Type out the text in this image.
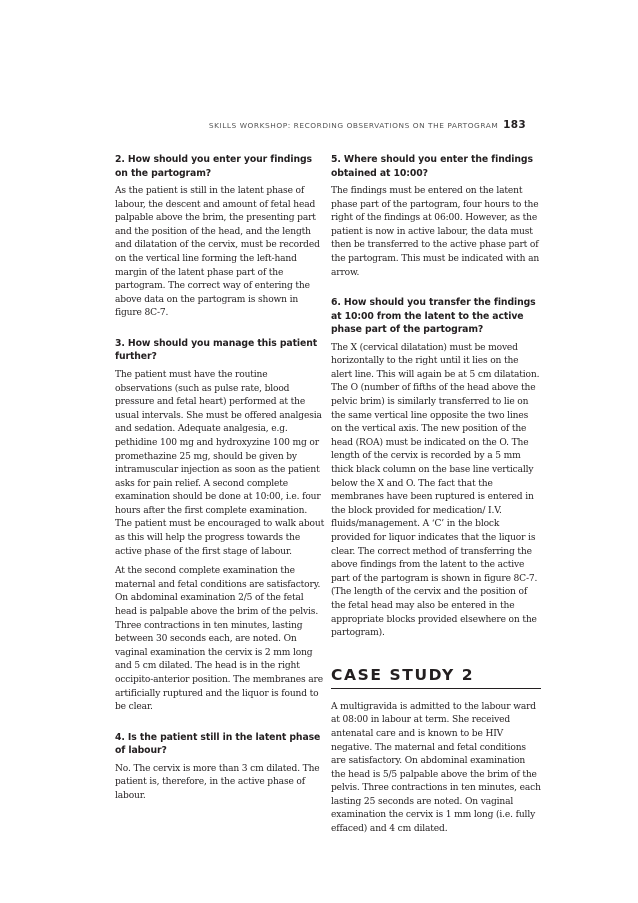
SKILLS WORKSHOP: RECORDING OBSERVATIONS ON THE PARTOGRAM 183
2. How should you enter your findings on the partogram?

As the patient is still in the latent phase of labour, the descent and amount of fetal head palpable above the brim, the presenting part and the position of the head, and the length and dilatation of the cervix, must be recorded on the vertical line forming the left-hand margin of the latent phase part of the partogram. The correct way of entering the above data on the partogram is shown in figure 8C-7.

3. How should you manage this patient further?

The patient must have the routine observations (such as pulse rate, blood pressure and fetal heart) performed at the usual intervals. She must be offered analgesia and sedation. Adequate analgesia, e.g. pethidine 100 mg and hydroxyzine 100 mg or promethazine 25 mg, should be given by intramuscular injection as soon as the patient asks for pain relief. A second complete examination should be done at 10:00, i.e. four hours after the first complete examination. The patient must be encouraged to walk about as this will help the progress towards the active phase of the first stage of labour.

At the second complete examination the maternal and fetal conditions are satisfactory. On abdominal examination 2/5 of the fetal head is palpable above the brim of the pelvis. Three contractions in ten minutes, lasting between 30 seconds each, are noted. On vaginal examination the cervix is 2 mm long and 5 cm dilated. The head is in the right occipito-anterior position. The membranes are artificially ruptured and the liquor is found to be clear.

4. Is the patient still in the latent phase of labour?

No. The cervix is more than 3 cm dilated. The patient is, therefore, in the active phase of labour.

5. Where should you enter the findings obtained at 10:00?

The findings must be entered on the latent phase part of the partogram, four hours to the right of the findings at 06:00. However, as the patient is now in active labour, the data must then be transferred to the active phase part of the partogram. This must be indicated with an arrow.

6. How should you transfer the findings at 10:00 from the latent to the active phase part of the partogram?

The X (cervical dilatation) must be moved horizontally to the right until it lies on the alert line. This will again be at 5 cm dilatation. The O (number of fifths of the head above the pelvic brim) is similarly transferred to lie on the same vertical line opposite the two lines on the vertical axis. The new position of the head (ROA) must be indicated on the O. The length of the cervix is recorded by a 5 mm thick black column on the base line vertically below the X and O. The fact that the membranes have been ruptured is entered in the block provided for medication/ I.V. fluids/management. A ‘C’ in the block provided for liquor indicates that the liquor is clear. The correct method of transferring the above findings from the latent to the active part of the partogram is shown in figure 8C-7. (The length of the cervix and the position of the fetal head may also be entered in the appropriate blocks provided elsewhere on the partogram).

CASE STUDY 2

A multigravida is admitted to the labour ward at 08:00 in labour at term. She received antenatal care and is known to be HIV negative. The maternal and fetal conditions are satisfactory. On abdominal examination the head is 5/5 palpable above the brim of the pelvis. Three contractions in ten minutes, each lasting 25 seconds are noted. On vaginal examination the cervix is 1 mm long (i.e. fully effaced) and 4 cm dilated.
